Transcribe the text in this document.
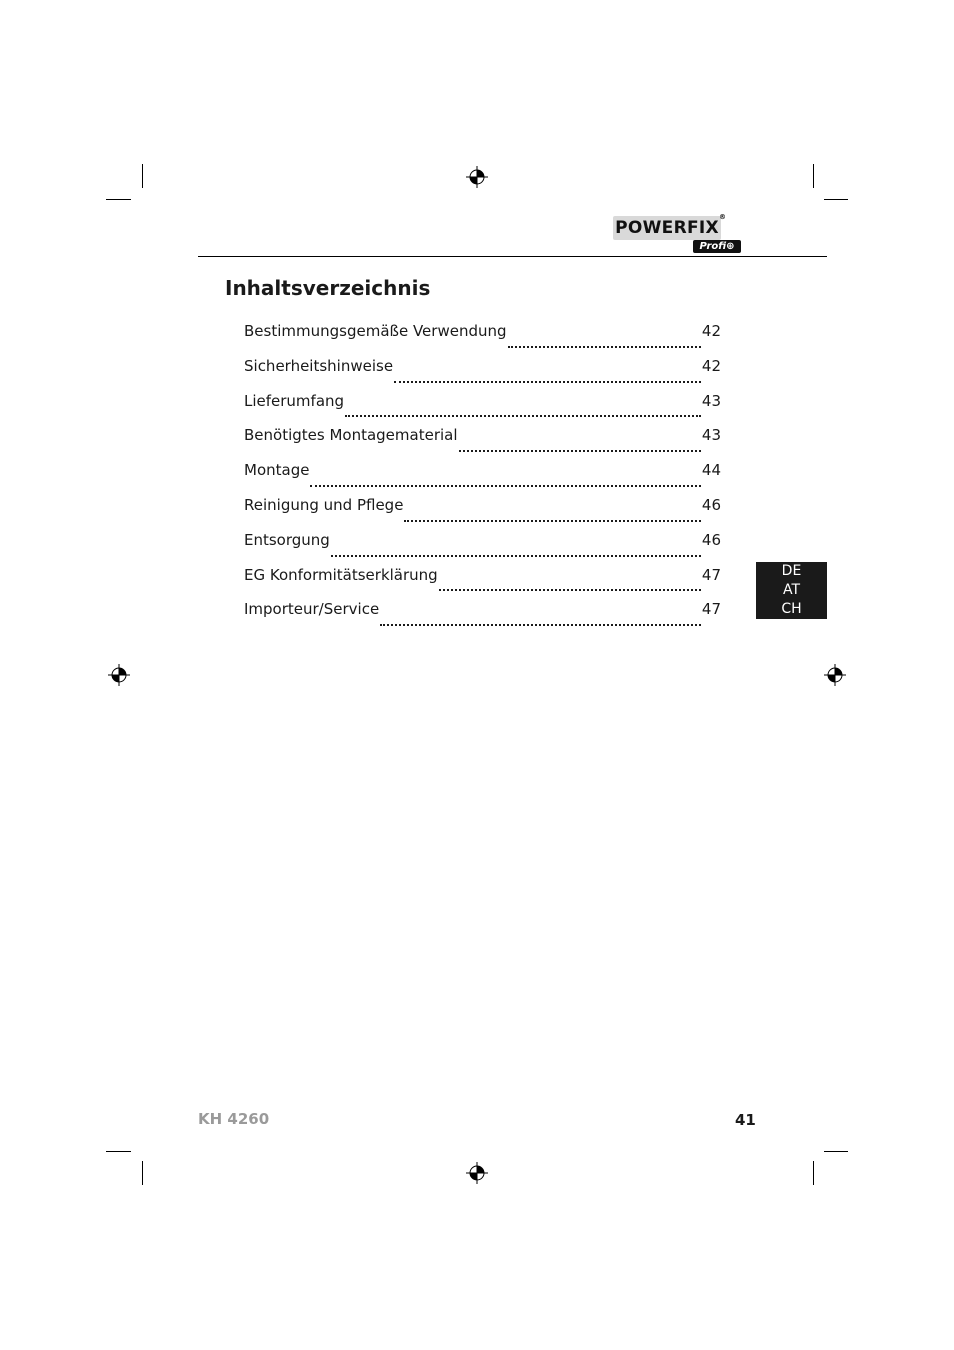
POWERFIX
®
Profi⊕
Inhaltsverzeichnis
Bestimmungsgemäße Verwendung	42
Sicherheitshinweise	42
Lieferumfang	43
Benötigtes Montagematerial	43
Montage	44
Reinigung und Pflege	46
Entsorgung	46
EG Konformitätserklärung	47
Importeur/Service	47
DE
AT
CH
KH 4260	41
